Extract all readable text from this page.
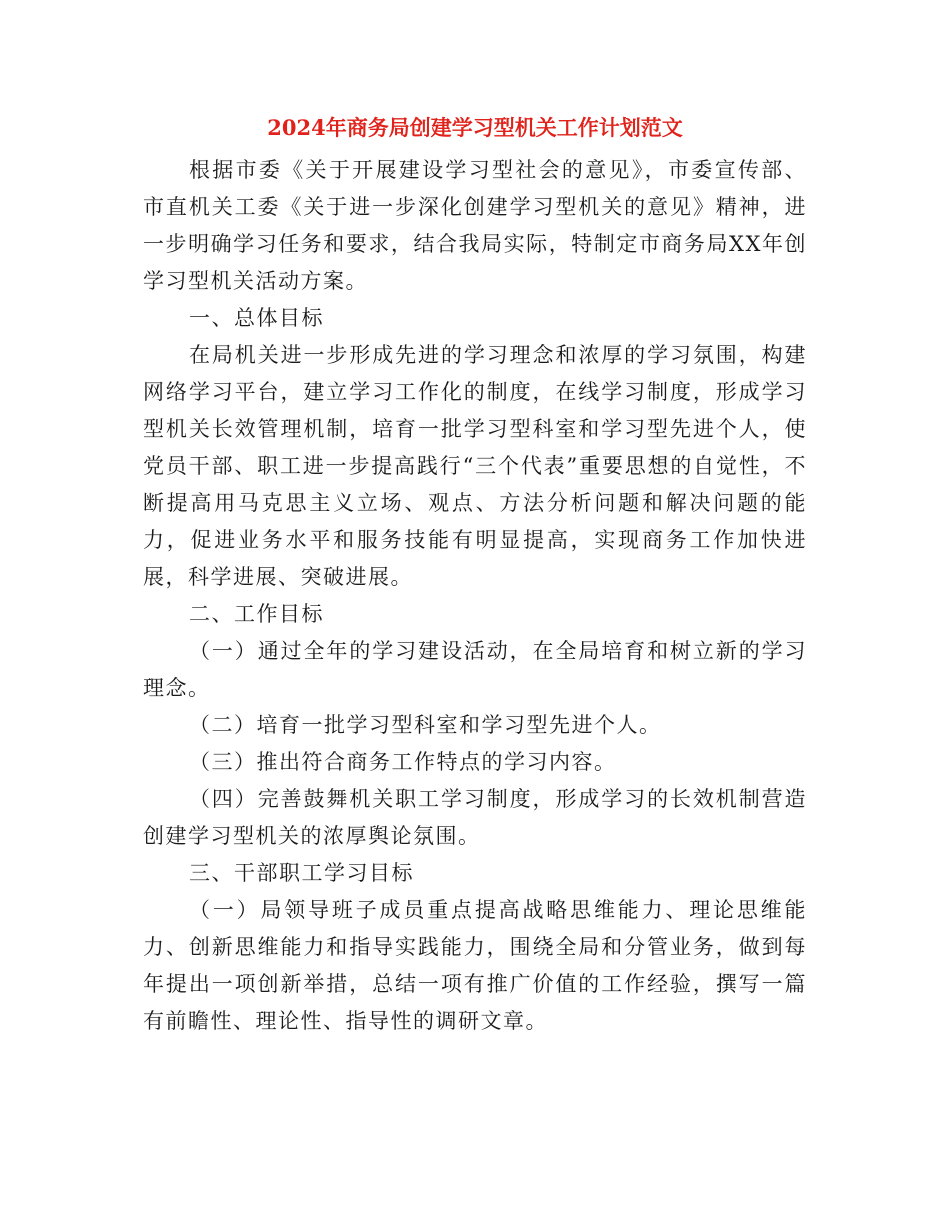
2024年商务局创建学习型机关工作计划范文

根据市委《关于开展建设学习型社会的意见》，市委宣传部、市直机关工委《关于进一步深化创建学习型机关的意见》精神，进一步明确学习任务和要求，结合我局实际，特制定市商务局XX年创学习型机关活动方案。

一、总体目标

在局机关进一步形成先进的学习理念和浓厚的学习氛围，构建网络学习平台，建立学习工作化的制度，在线学习制度，形成学习型机关长效管理机制，培育一批学习型科室和学习型先进个人，使党员干部、职工进一步提高践行“三个代表”重要思想的自觉性，不断提高用马克思主义立场、观点、方法分析问题和解决问题的能力，促进业务水平和服务技能有明显提高，实现商务工作加快进展，科学进展、突破进展。

二、工作目标

（一）通过全年的学习建设活动，在全局培育和树立新的学习理念。

（二）培育一批学习型科室和学习型先进个人。

（三）推出符合商务工作特点的学习内容。

（四）完善鼓舞机关职工学习制度，形成学习的长效机制营造创建学习型机关的浓厚舆论氛围。

三、干部职工学习目标

（一）局领导班子成员重点提高战略思维能力、理论思维能力、创新思维能力和指导实践能力，围绕全局和分管业务，做到每年提出一项创新举措，总结一项有推广价值的工作经验，撰写一篇有前瞻性、理论性、指导性的调研文章。
